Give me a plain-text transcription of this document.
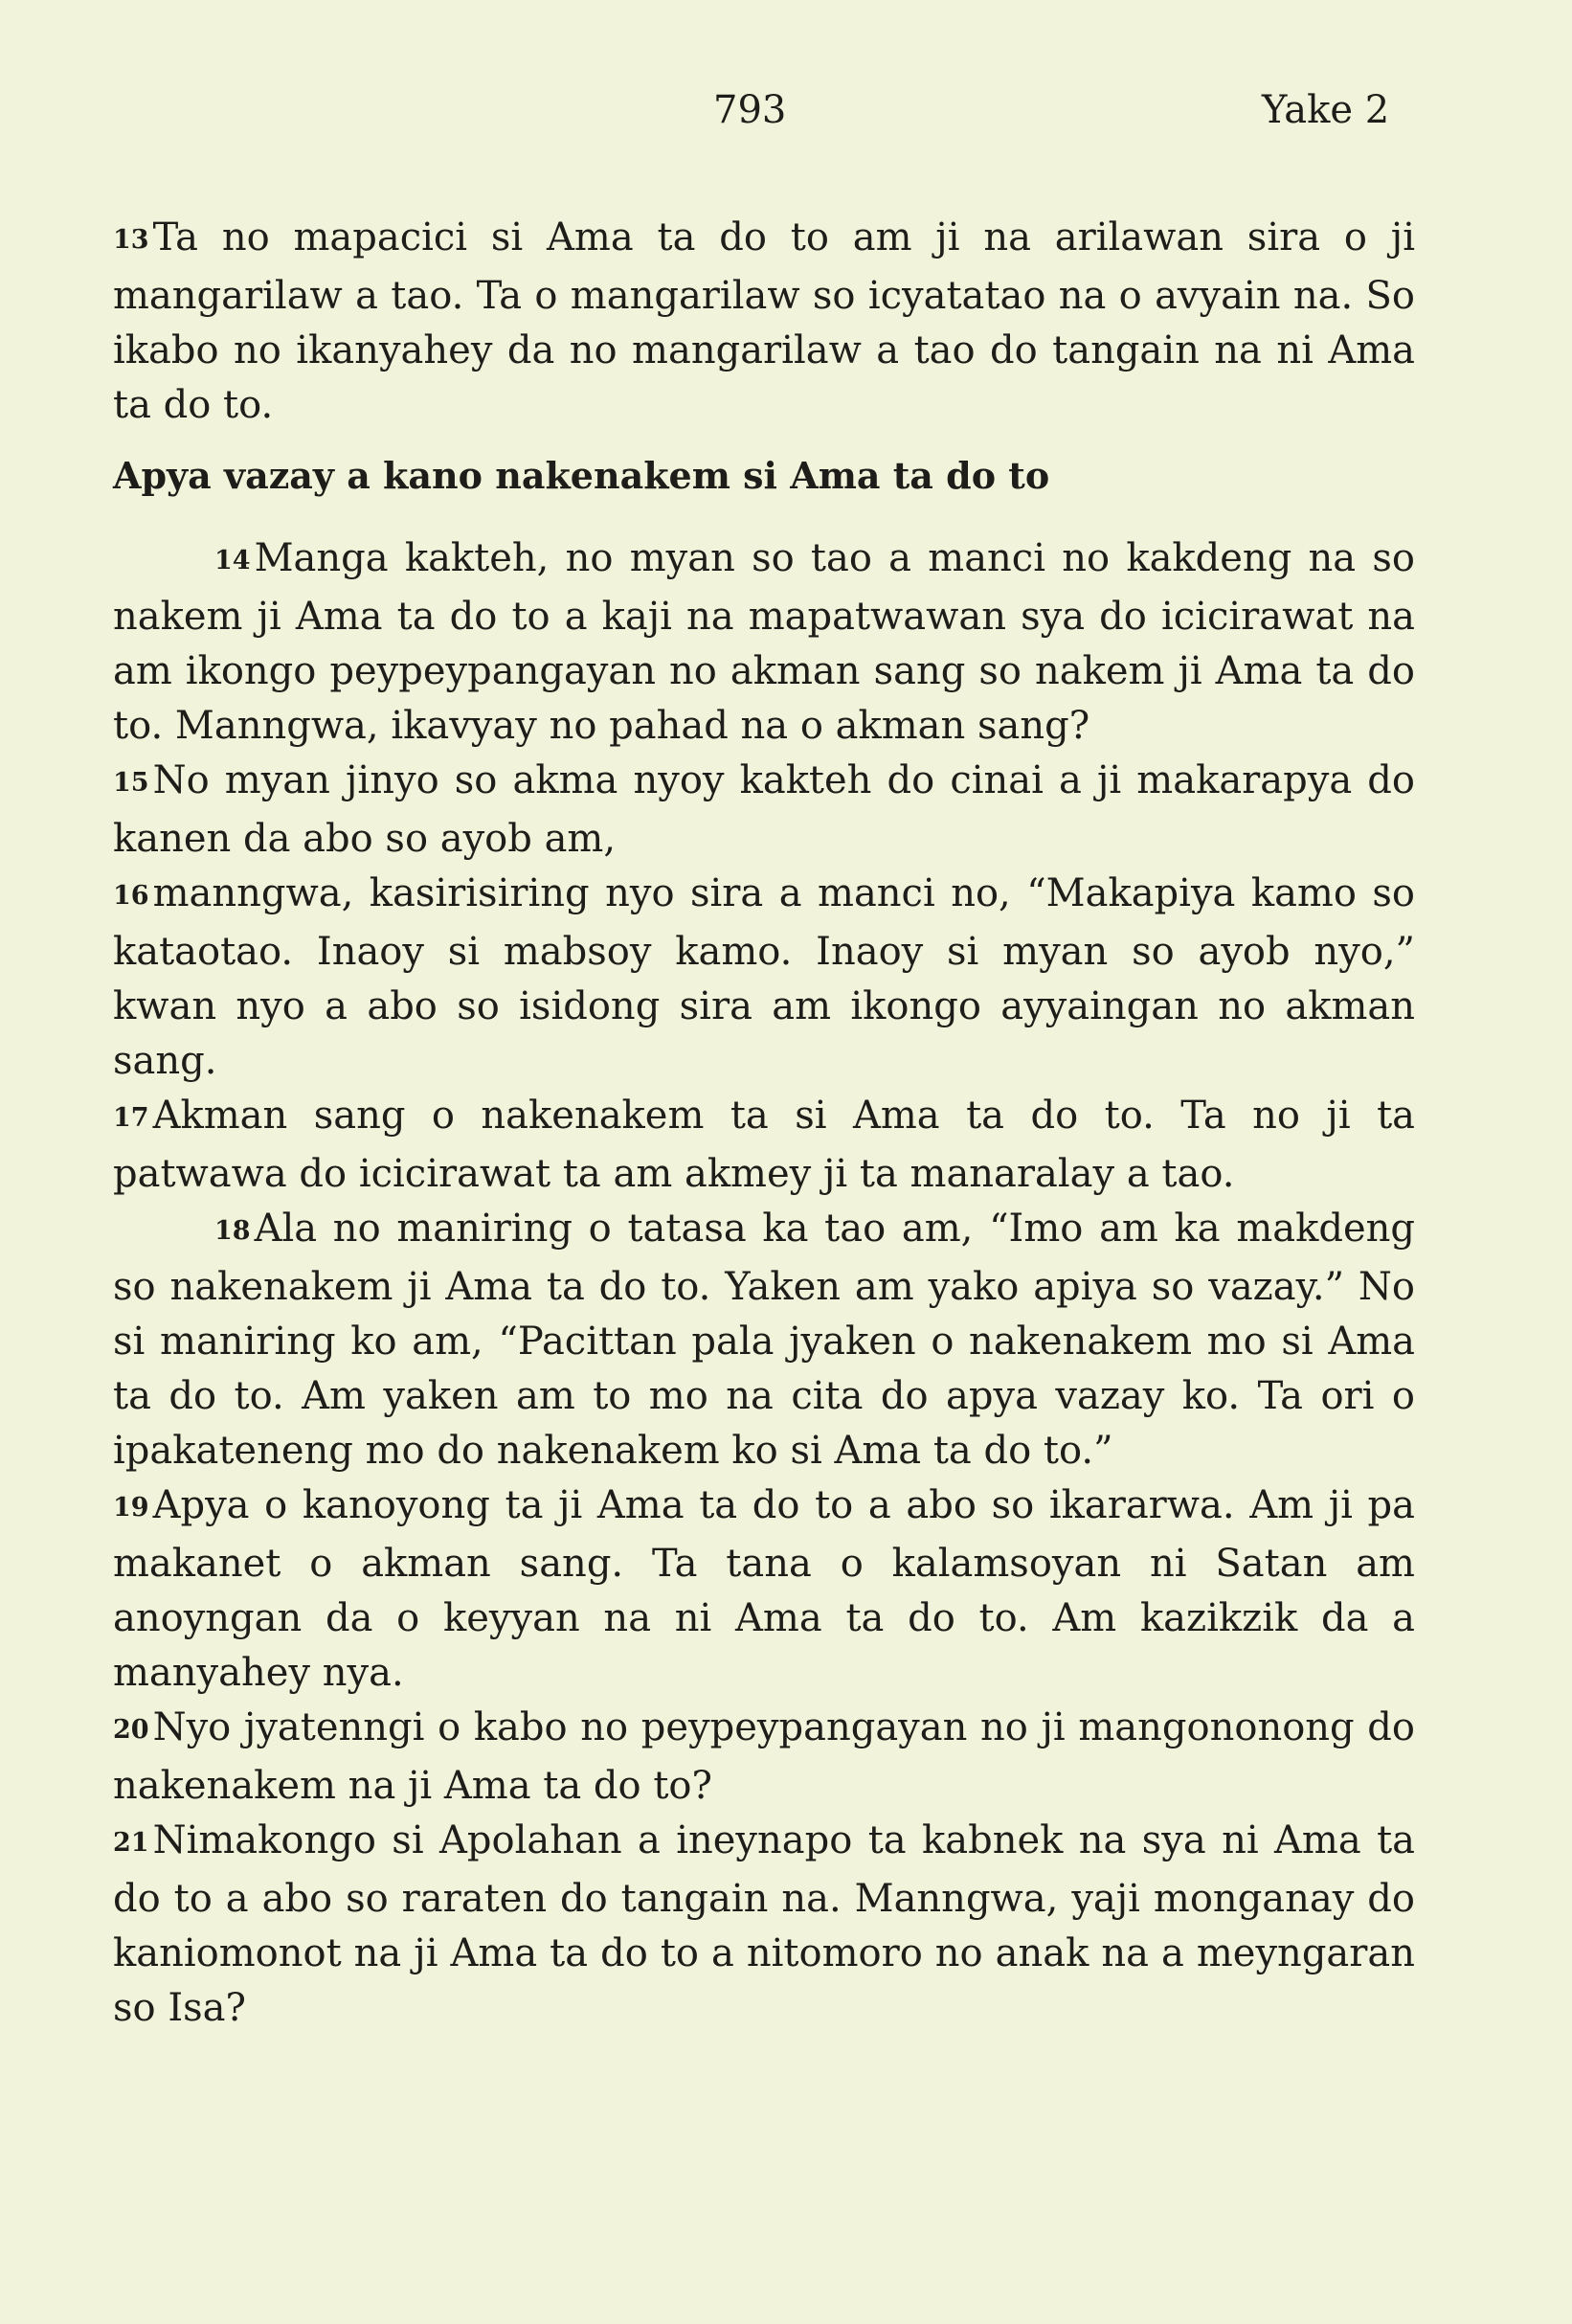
793	Yake 2

13 Ta no mapacici si Ama ta do to am ji na arilawan sira o ji mangarilaw a tao. Ta o mangarilaw so icyatatao na o avyain na. So ikabo no ikanyahey da no mangarilaw a tao do tangain na ni Ama ta do to.

Apya vazay a kano nakenakem si Ama ta do to

14 Manga kakteh, no myan so tao a manci no kakdeng na so nakem ji Ama ta do to a kaji na mapatwawan sya do icicirawat na am ikongo peypeypangayan no akman sang so nakem ji Ama ta do to. Manngwa, ikavyay no pahad na o akman sang?

15 No myan jinyo so akma nyoy kakteh do cinai a ji makarapya do kanen da abo so ayob am,

16 manngwa, kasirisiring nyo sira a manci no, “Makapiya kamo so kataotao. Inaoy si mabsoy kamo. Inaoy si myan so ayob nyo,” kwan nyo a abo so isidong sira am ikongo ayyaingan no akman sang.

17 Akman sang o nakenakem ta si Ama ta do to. Ta no ji ta patwawa do icicirawat ta am akmey ji ta manaralay a tao.

18 Ala no maniring o tatasa ka tao am, “Imo am ka makdeng so nakenakem ji Ama ta do to. Yaken am yako apiya so vazay.” No si maniring ko am, “Pacittan pala jyaken o nakenakem mo si Ama ta do to. Am yaken am to mo na cita do apya vazay ko. Ta ori o ipakateneng mo do nakenakem ko si Ama ta do to.”

19 Apya o kanoyong ta ji Ama ta do to a abo so ikararwa. Am ji pa makanet o akman sang. Ta tana o kalamsoyan ni Satan am anoyngan da o keyyan na ni Ama ta do to. Am kazikzik da a manyahey nya.

20 Nyo jyatenngi o kabo no peypeypangayan no ji mangononong do nakenakem na ji Ama ta do to?

21 Nimakongo si Apolahan a ineynapo ta kabnek na sya ni Ama ta do to a abo so raraten do tangain na. Manngwa, yaji monganay do kaniomonot na ji Ama ta do to a nitomoro no anak na a meyngaran so Isa?
